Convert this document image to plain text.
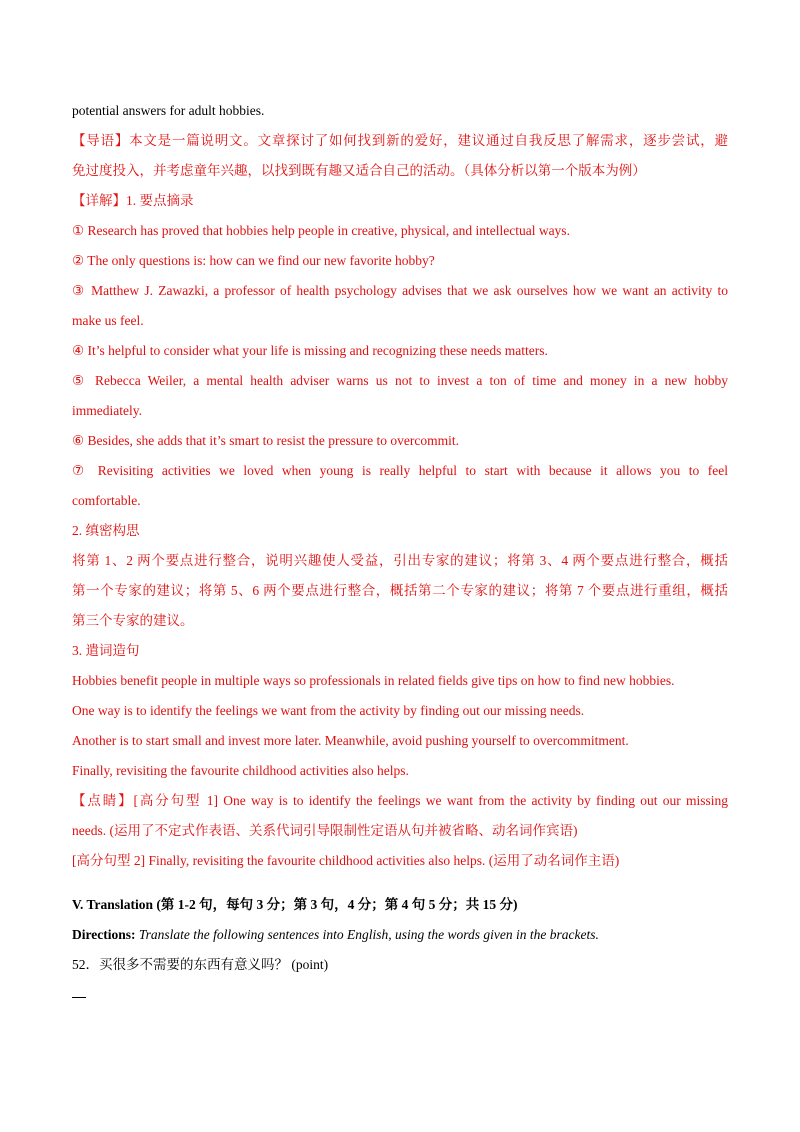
potential answers for adult hobbies.
【导语】本文是一篇说明文。文章探讨了如何找到新的爱好，建议通过自我反思了解需求，逐步尝试，避
免过度投入，并考虑童年兴趣，以找到既有趣又适合自己的活动。（具体分析以第一个版本为例）
【详解】1. 要点摘录
① Research has proved that hobbies help people in creative, physical, and intellectual ways.
② The only questions is: how can we find our new favorite hobby?
③ Matthew J. Zawazki, a professor of health psychology advises that we ask ourselves how we want an activity to
make us feel.
④ It’s helpful to consider what your life is missing and recognizing these needs matters.
⑤ Rebecca Weiler, a mental health adviser warns us not to invest a ton of time and money in a new hobby
immediately.
⑥ Besides, she adds that it’s smart to resist the pressure to overcommit.
⑦ Revisiting activities we loved when young is really helpful to start with because it allows you to feel
comfortable.
2. 缜密构思
将第 1、2 两个要点进行整合，说明兴趣使人受益，引出专家的建议；将第 3、4 两个要点进行整合，概括
第一个专家的建议；将第 5、6 两个要点进行整合，概括第二个专家的建议；将第 7 个要点进行重组，概括
第三个专家的建议。
3. 遣词造句
Hobbies benefit people in multiple ways so professionals in related fields give tips on how to find new hobbies.
One way is to identify the feelings we want from the activity by finding out our missing needs.
Another is to start small and invest more later. Meanwhile, avoid pushing yourself to overcommitment.
Finally, revisiting the favourite childhood activities also helps.
【点睛】[高分句型 1] One way is to identify the feelings we want from the activity by finding out our missing
needs. (运用了不定式作表语、关系代词引导限制性定语从句并被省略、动名词作宾语)
[高分句型 2] Finally, revisiting the favourite childhood activities also helps. (运用了动名词作主语)
V. Translation (第 1-2 句，每句 3 分；第 3 句，4 分；第 4 句 5 分；共 15 分)
Directions: Translate the following sentences into English, using the words given in the brackets.
52．买很多不需要的东西有意义吗？ (point)
